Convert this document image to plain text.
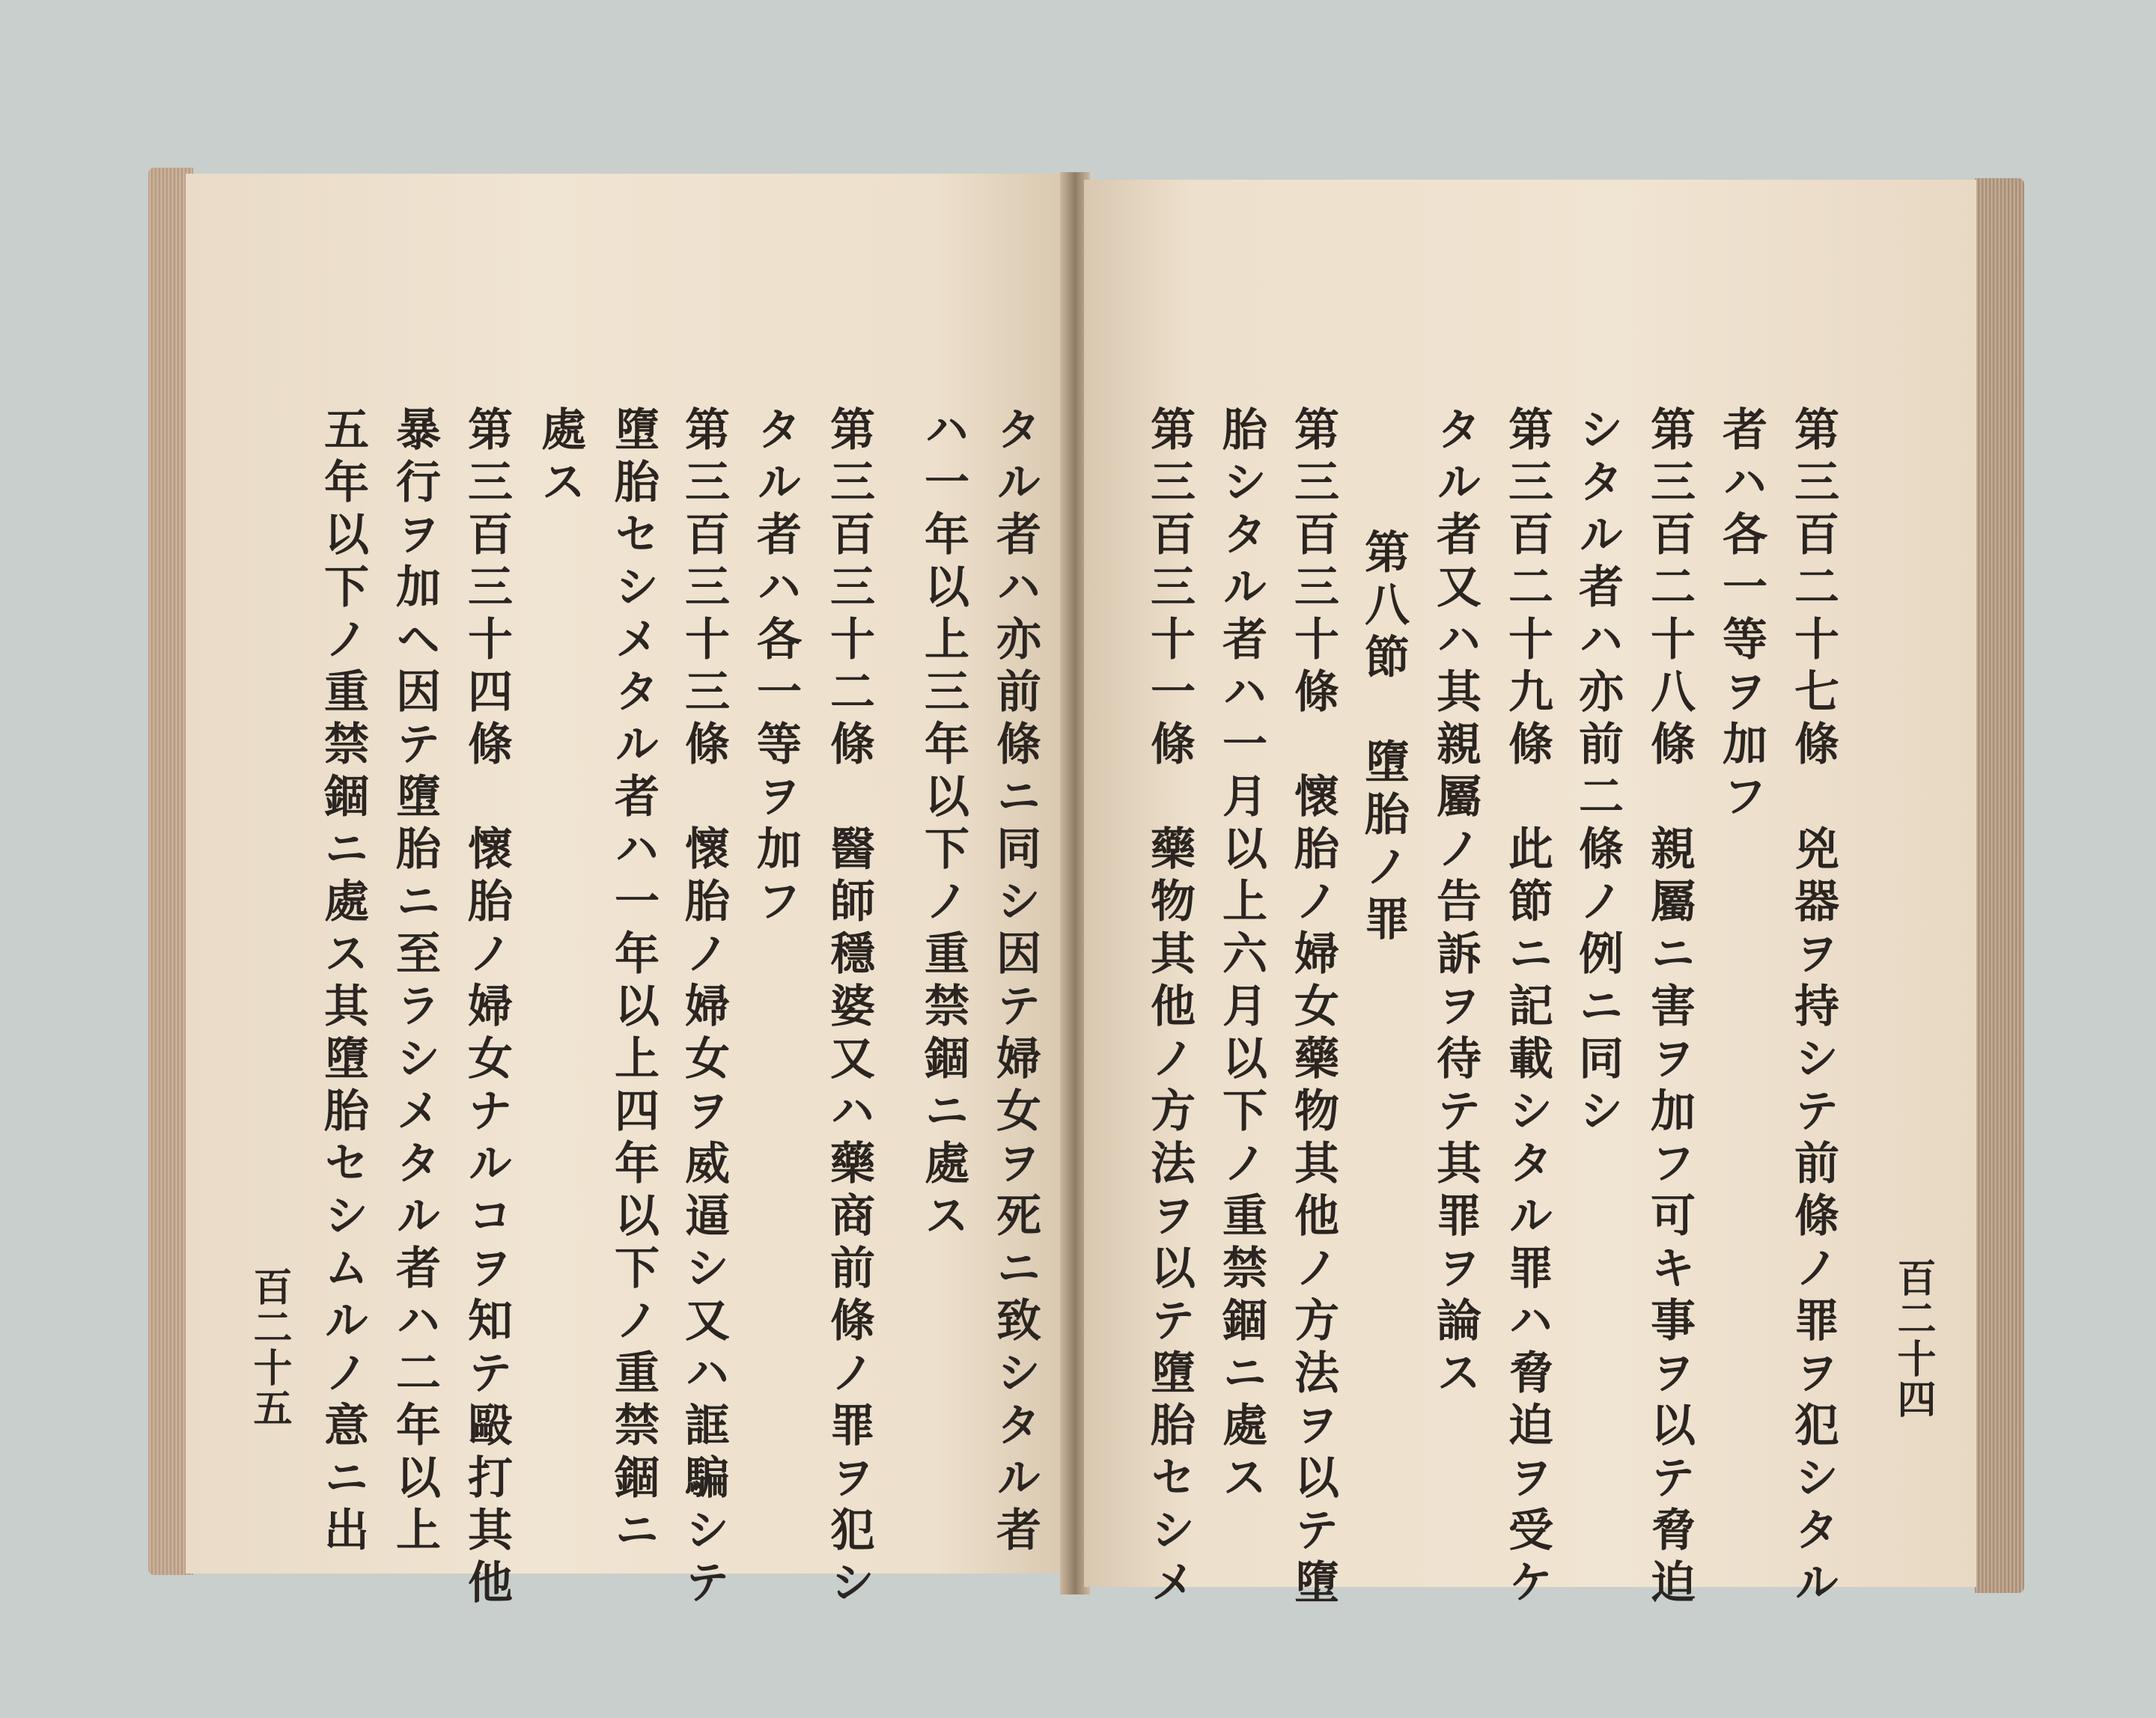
タル者ハ亦前條ニ同シ因テ婦女ヲ死ニ致シタル者
ハ一年以上三年以下ノ重禁錮ニ處ス
第三百三十二條　醫師穩婆又ハ藥商前條ノ罪ヲ犯シ
タル者ハ各一等ヲ加フ
第三百三十三條　懷胎ノ婦女ヲ威逼シ又ハ誆騙シテ
墮胎セシメタル者ハ一年以上四年以下ノ重禁錮ニ
處ス
第三百三十四條　懷胎ノ婦女ナルコヲ知テ毆打其他
暴行ヲ加ヘ因テ墮胎ニ至ラシメタル者ハ二年以上
五年以下ノ重禁錮ニ處ス其墮胎セシムルノ意ニ出
百二十五	第三百二十七條　兇器ヲ持シテ前條ノ罪ヲ犯シタル
者ハ各一等ヲ加フ
第三百二十八條　親屬ニ害ヲ加フ可キ事ヲ以テ脅迫
シタル者ハ亦前二條ノ例ニ同シ
第三百二十九條　此節ニ記載シタル罪ハ脅迫ヲ受ケ
タル者又ハ其親屬ノ告訴ヲ待テ其罪ヲ論ス
第八節　墮胎ノ罪
第三百三十條　懷胎ノ婦女藥物其他ノ方法ヲ以テ墮
胎シタル者ハ一月以上六月以下ノ重禁錮ニ處ス
第三百三十一條　藥物其他ノ方法ヲ以テ墮胎セシメ	百二十四
